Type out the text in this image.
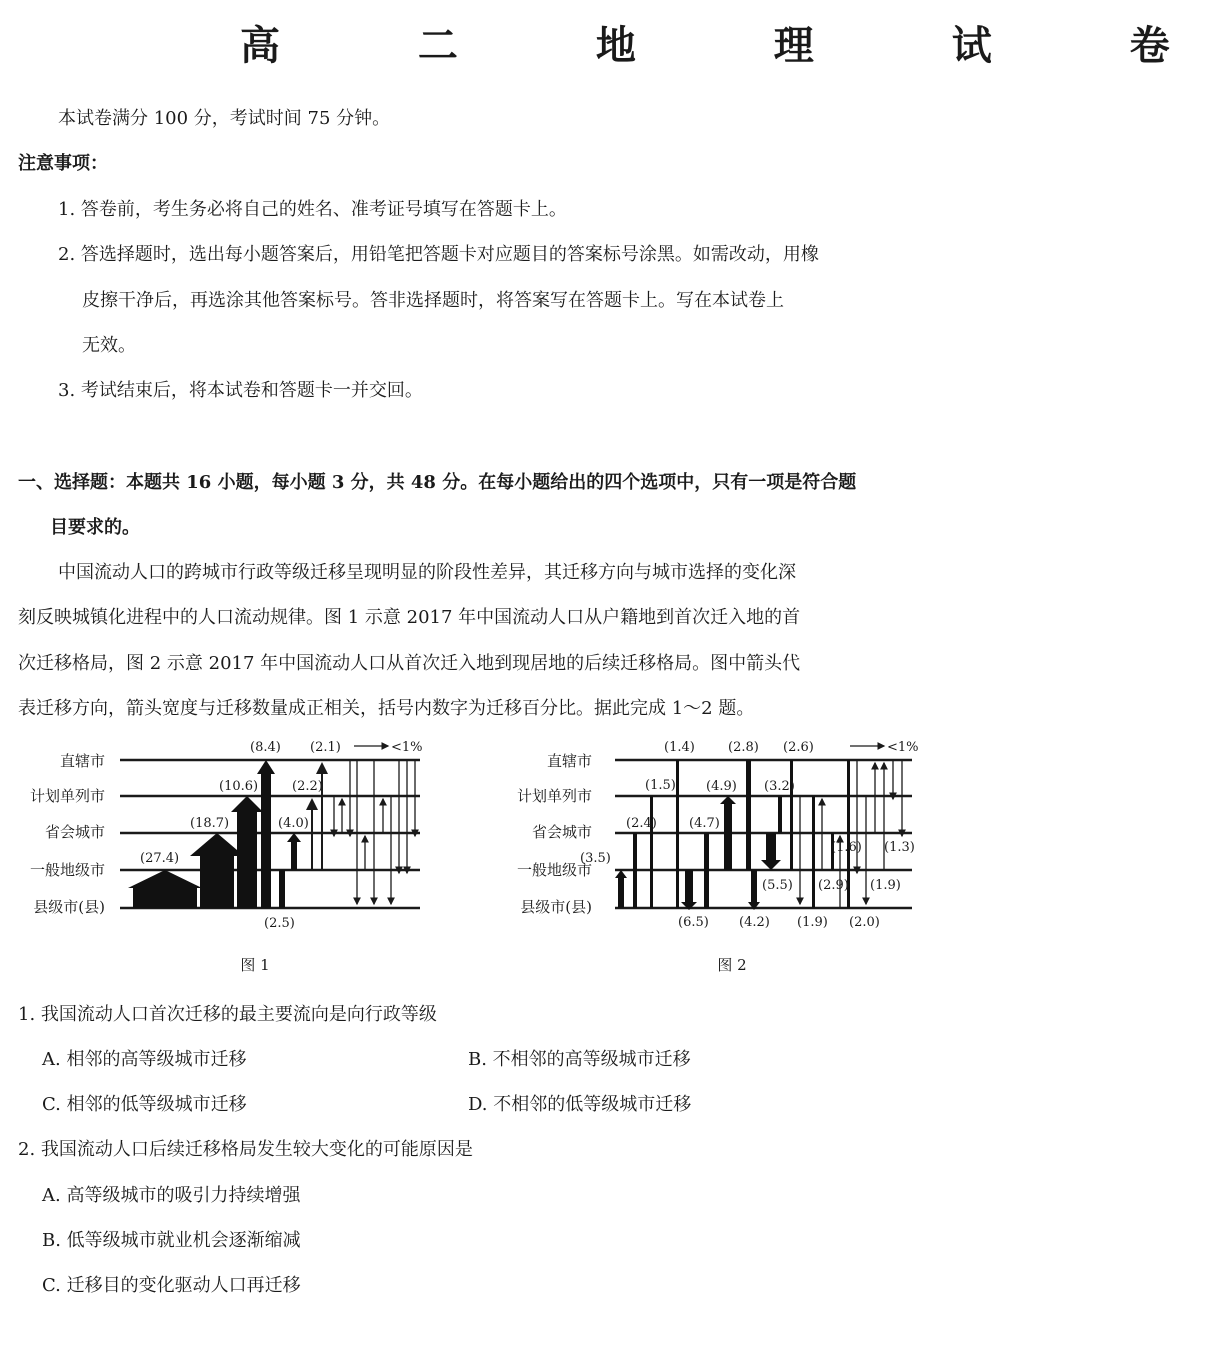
高 二 地 理 试 卷
本试卷满分 100 分，考试时间 75 分钟。
注意事项：
1. 答卷前，考生务必将自己的姓名、准考证号填写在答题卡上。
2. 答选择题时，选出每小题答案后，用铅笔把答题卡对应题目的答案标号涂黑。如需改动，用橡
皮擦干净后，再选涂其他答案标号。答非选择题时，将答案写在答题卡上。写在本试卷上
无效。
3. 考试结束后，将本试卷和答题卡一并交回。
一、选择题：本题共 16 小题，每小题 3 分，共 48 分。在每小题给出的四个选项中，只有一项是符合题
目要求的。
中国流动人口的跨城市行政等级迁移呈现明显的阶段性差异，其迁移方向与城市选择的变化深
刻反映城镇化进程中的人口流动规律。图 1 示意 2017 年中国流动人口从户籍地到首次迁入地的首
次迁移格局，图 2 示意 2017 年中国流动人口从首次迁入地到现居地的后续迁移格局。图中箭头代
表迁移方向，箭头宽度与迁移数量成正相关，括号内数字为迁移百分比。据此完成 1～2 题。
直辖市
计划单列市
省会城市
一般地级市
县级市(县)
<1%
(27.4)
(18.7)
(10.6)
(8.4) (2.1)
(2.2)
(4.0)
(2.5)
图 1
直辖市
计划单列市
省会城市
一般地级市
县级市(县)
<1%
(1.4)	(2.8) (2.6)
(1.5) (4.9) (3.2)
(2.4) (4.7)
(3.5)
(1.6) (1.3)
(5.5) (2.9) (1.9)
(6.5) (4.2) (1.9) (2.0)
图 2
1. 我国流动人口首次迁移的最主要流向是向行政等级
A. 相邻的高等级城市迁移	B. 不相邻的高等级城市迁移
C. 相邻的低等级城市迁移	D. 不相邻的低等级城市迁移
2. 我国流动人口后续迁移格局发生较大变化的可能原因是
A. 高等级城市的吸引力持续增强
B. 低等级城市就业机会逐渐缩减
C. 迁移目的变化驱动人口再迁移
